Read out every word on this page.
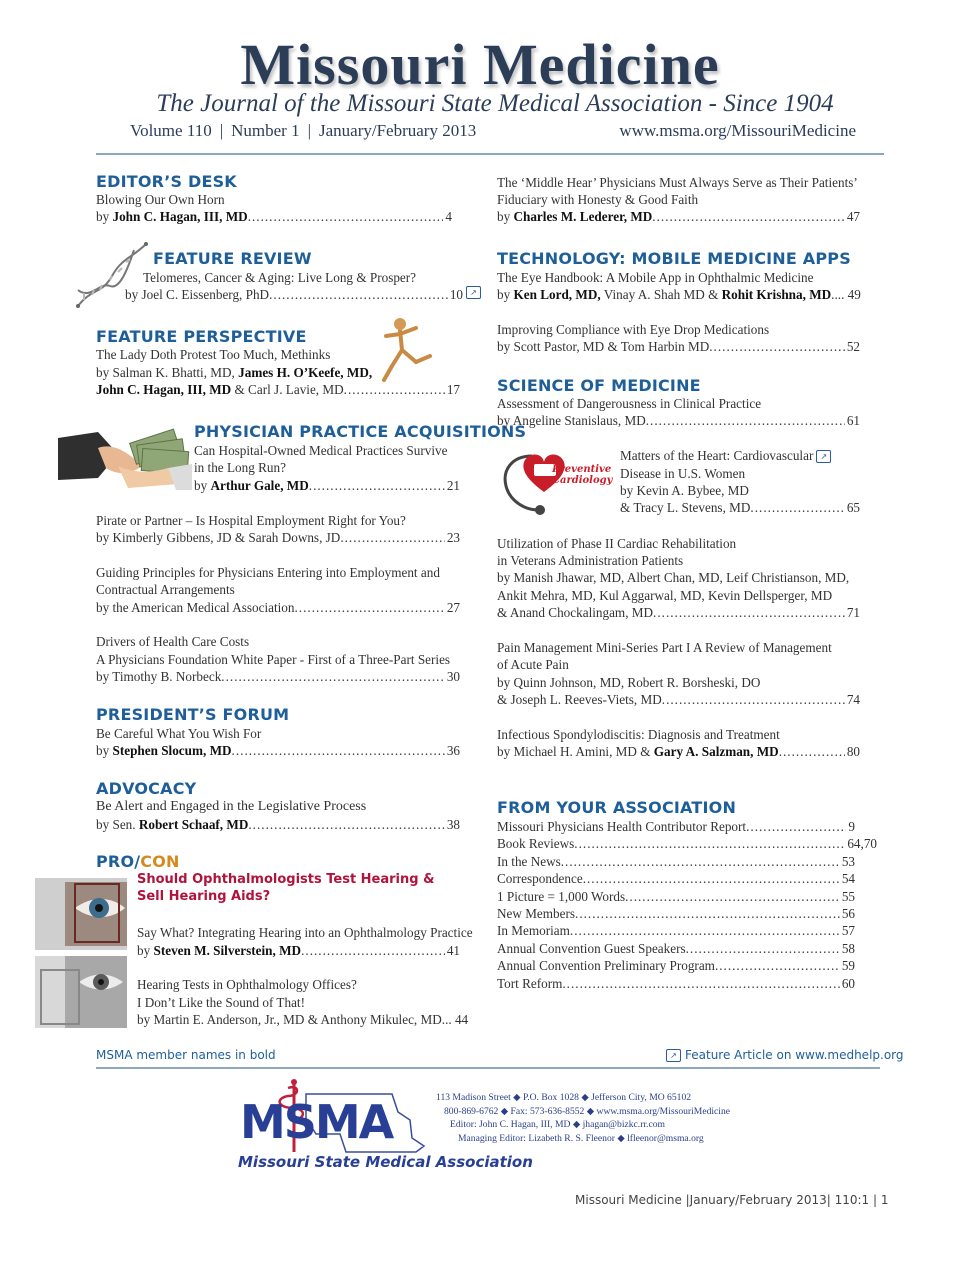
Missouri Medicine
The Journal of the Missouri State Medical Association - Since 1904
Volume 110 | Number 1 | January/February 2013	www.msma.org/MissouriMedicine
EDITOR’S DESK
Blowing Our Own Horn
by John C. Hagan, III, MD .....	4
FEATURE REVIEW
Telomeres, Cancer & Aging: Live Long & Prosper?
by Joel C. Eissenberg, PhD .....	10 ↗
FEATURE PERSPECTIVE
The Lady Doth Protest Too Much, Methinks
by Salman K. Bhatti, MD, James H. O’Keefe, MD,
John C. Hagan, III, MD & Carl J. Lavie, MD .....	17
PHYSICIAN PRACTICE ACQUISITIONS
Can Hospital-Owned Medical Practices Survive
in the Long Run?
by Arthur Gale, MD .....	21
Pirate or Partner – Is Hospital Employment Right for You?
by Kimberly Gibbens, JD & Sarah Downs, JD .....	23
Guiding Principles for Physicians Entering into Employment and
Contractual Arrangements
by the American Medical Association .....	27
Drivers of Health Care Costs
A Physicians Foundation White Paper - First of a Three-Part Series
by Timothy B. Norbeck .....	30
PRESIDENT’S FORUM
Be Careful What You Wish For
by Stephen Slocum, MD .....	36
ADVOCACY
Be Alert and Engaged in the Legislative Process
by Sen. Robert Schaaf, MD .....	38
PRO/CON
Should Ophthalmologists Test Hearing &
Sell Hearing Aids?
Say What? Integrating Hearing into an Ophthalmology Practice
by Steven M. Silverstein, MD .....	41
Hearing Tests in Ophthalmology Offices?
I Don’t Like the Sound of That!
by Martin E. Anderson, Jr., MD & Anthony Mikulec, MD... 44
The ‘Middle Hear’ Physicians Must Always Serve as Their Patients’
Fiduciary with Honesty & Good Faith
by Charles M. Lederer, MD .....	47
TECHNOLOGY: MOBILE MEDICINE APPS
The Eye Handbook: A Mobile App in Ophthalmic Medicine
by Ken Lord, MD, Vinay A. Shah MD & Rohit Krishna, MD.... 49
Improving Compliance with Eye Drop Medications
by Scott Pastor, MD & Tom Harbin MD .....	52
SCIENCE OF MEDICINE
Assessment of Dangerousness in Clinical Practice
by Angeline Stanislaus, MD .....	61
Preventive
Cardiology
Matters of the Heart: Cardiovascular ↗
Disease in U.S. Women
by Kevin A. Bybee, MD
& Tracy L. Stevens, MD .....	65
Utilization of Phase II Cardiac Rehabilitation
in Veterans Administration Patients
by Manish Jhawar, MD, Albert Chan, MD, Leif Christianson, MD,
Ankit Mehra, MD, Kul Aggarwal, MD, Kevin Dellsperger, MD
& Anand Chockalingam, MD .....	71
Pain Management Mini-Series Part I A Review of Management
of Acute Pain
by Quinn Johnson, MD, Robert R. Borsheski, DO
& Joseph L. Reeves-Viets, MD .....	74
Infectious Spondylodiscitis: Diagnosis and Treatment
by Michael H. Amini, MD & Gary A. Salzman, MD .....	80
FROM YOUR ASSOCIATION
Missouri Physicians Health Contributor Report .....	9
Book Reviews .....	64,70
In the News .....	53
Correspondence .....	54
1 Picture = 1,000 Words .....	55
New Members .....	56
In Memoriam .....	57
Annual Convention Guest Speakers .....	58
Annual Convention Preliminary Program .....	59
Tort Reform .....	60
MSMA member names in bold	↗ Feature Article on www.medhelp.org
MSMA
Missouri State Medical Association
113 Madison Street ◆ P.O. Box 1028 ◆ Jefferson City, MO 65102
800-869-6762 ◆ Fax: 573-636-8552 ◆ www.msma.org/MissouriMedicine
Editor: John C. Hagan, III, MD ◆ jhagan@bizkc.rr.com
Managing Editor: Lizabeth R. S. Fleenor ◆ lfleenor@msma.org
Missouri Medicine |January/February 2013| 110:1 | 1
